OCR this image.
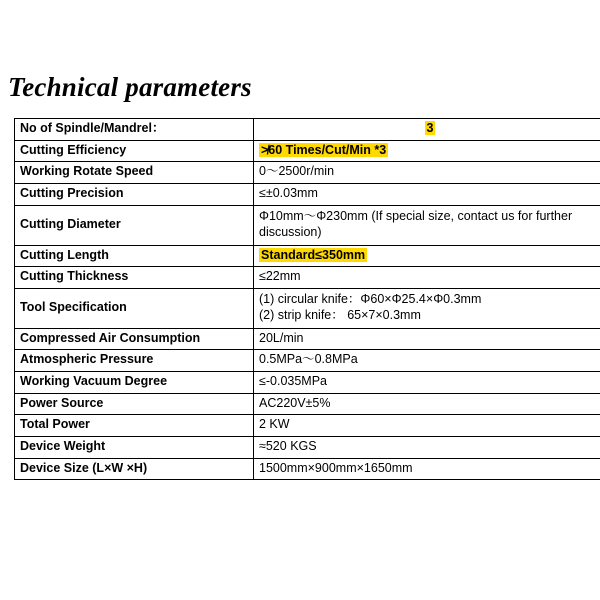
Technical parameters
No of Spindle/Mandrel：	3
Cutting Efficiency	≯60 Times/Cut/Min *3
Working Rotate Speed	0～2500r/min
Cutting Precision	≤±0.03mm
Cutting Diameter	Φ10mm～Φ230mm (If special size, contact us for further discussion)
Cutting Length	Standard≤350mm
Cutting Thickness	≤22mm
Tool Specification	(1) circular knife：Φ60×Φ25.4×Φ0.3mm
(2) strip knife： 65×7×0.3mm

Compressed Air Consumption	20L/min
Atmospheric Pressure	0.5MPa～0.8MPa
Working Vacuum Degree	≤-0.035MPa
Power Source	AC220V±5%
Total Power	2 KW
Device Weight	≈520 KGS
Device Size (L×W ×H)	1500mm×900mm×1650mm
